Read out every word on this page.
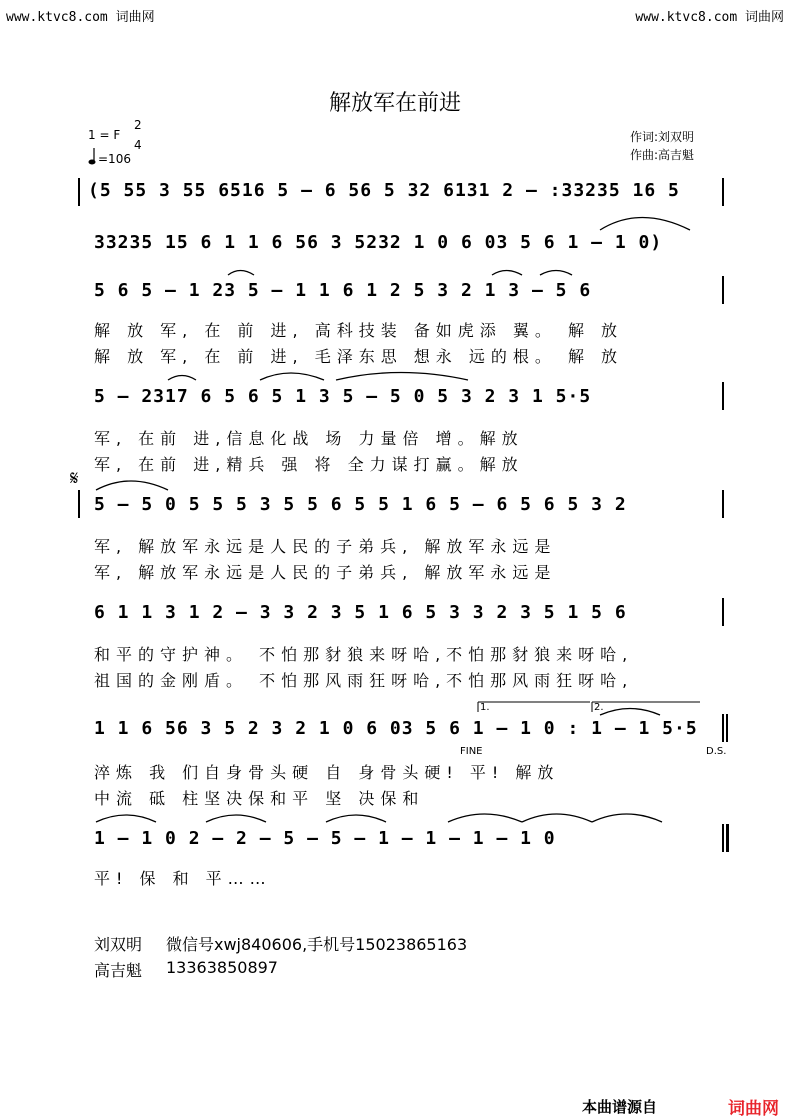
www.ktvc8.com 词曲网	www.ktvc8.com 词曲网
解放军在前进
1 = F
2
4
=106
作词:刘双明
作曲:高吉魁
(5 55 3 55 6516 5 – 6 56 5 32 6131 2 – :33235 16 5
33235 15 6 1 1 6 56 3 5232 1 0 6 03 5 6 1 – 1 0)
5 6 5 – 1 23 5 – 1 1 6 1 2 5 3 2 1 3 – 5 6
解 放 军, 在 前 进, 高科技装 备如虎添 翼。 解 放
解 放 军, 在 前 进, 毛泽东思 想永 远的根。 解 放
5 – 2317 6 5 6 5 1 3 5 – 5 0 5 3 2 3 1 5·5
军, 在前 进,信息化战 场 力量倍 增。解放
军, 在前 进,精兵 强 将 全力谋打赢。解放
𝄋
5 – 5 0 5 5 5 3 5 5 6 5 5 1 6 5 – 6 5 6 5 3 2
军, 解放军永远是人民的子弟兵, 解放军永远是
军, 解放军永远是人民的子弟兵, 解放军永远是
6 1 1 3 1 2 – 3 3 2 3 5 1 6 5 3 3 2 3 5 1 5 6
和平的守护神。 不怕那豺狼来呀哈,不怕那豺狼来呀哈,
祖国的金刚盾。 不怕那风雨狂呀哈,不怕那风雨狂呀哈,
1.	2.
1 1 6 56 3 5 2 3 2 1 0 6 03 5 6 1 – 1 0 : 1 – 1 5·5
FINE	D.S.
淬炼 我 们自身骨头硬 自 身骨头硬! 平! 解放
中流 砥 柱坚决保和平 坚 决保和
1 – 1 0 2 – 2 – 5 – 5 – 1 – 1 – 1 – 1 0
平! 保 和 平……
刘双明 微信号xwj840606,手机号15023865163
高吉魁 13363850897
本曲谱源自	词曲网
